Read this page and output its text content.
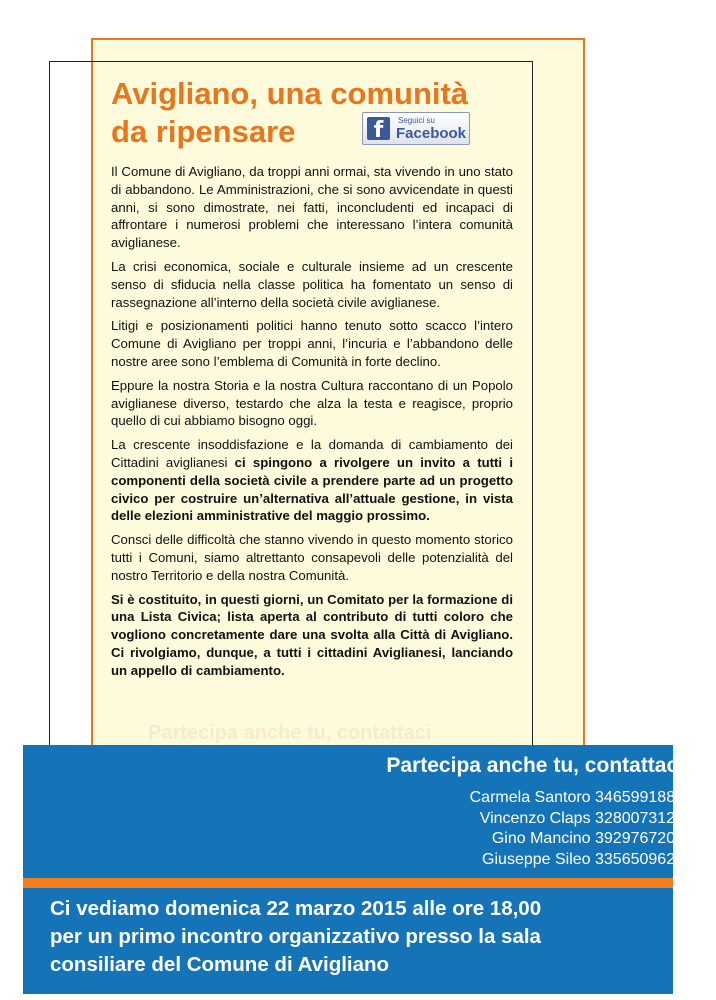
Avigliano, una comunità
da ripensare	f	Seguici su
Facebook

Il Comune di Avigliano, da troppi anni ormai, sta vivendo in uno stato di abbandono. Le Amministrazioni, che si sono avvicendate in questi anni, si sono dimostrate, nei fatti, inconcludenti ed incapaci di affrontare i numerosi problemi che interessano l’intera comunità aviglianese.

La crisi economica, sociale e culturale insieme ad un crescente senso di sfiducia nella classe politica ha fomentato un senso di rassegnazione all’interno della società civile aviglianese.

Litigi e posizionamenti politici hanno tenuto sotto scacco l’intero Comune di Avigliano per troppi anni, l’incuria e l’abbandono delle nostre aree sono l’emblema di Comunità in forte declino.

Eppure la nostra Storia e la nostra Cultura raccontano di un Popolo aviglianese diverso, testardo che alza la testa e reagisce, proprio quello di cui abbiamo bisogno oggi.

La crescente insoddisfazione e la domanda di cambiamento dei Cittadini aviglianesi ci spingono a rivolgere un invito a tutti i componenti della società civile a prendere parte ad un progetto civico per costruire un’alternativa all’attuale gestione, in vista delle elezioni amministrative del maggio prossimo.

Consci delle difficoltà che stanno vivendo in questo momento storico tutti i Comuni, siamo altrettanto consapevoli delle potenzialità del nostro Territorio e della nostra Comunità.

Si è costituito, in questi giorni, un Comitato per la formazione di una Lista Civica; lista aperta al contributo di tutti coloro che vogliono concretamente dare una svolta alla Città di Avigliano. Ci rivolgiamo, dunque, a tutti i cittadini Aviglianesi, lanciando un appello di cambiamento.

Partecipa anche tu, contattaci
Partecipa anche tu, contattaci
Carmela Santoro 3465991886
Vincenzo Claps 3280073122
Gino Mancino 3929767206
Giuseppe Sileo 3356509628
Ci vediamo domenica 22 marzo 2015 alle ore 18,00
per un primo incontro organizzativo presso la sala
consiliare del Comune di Avigliano
